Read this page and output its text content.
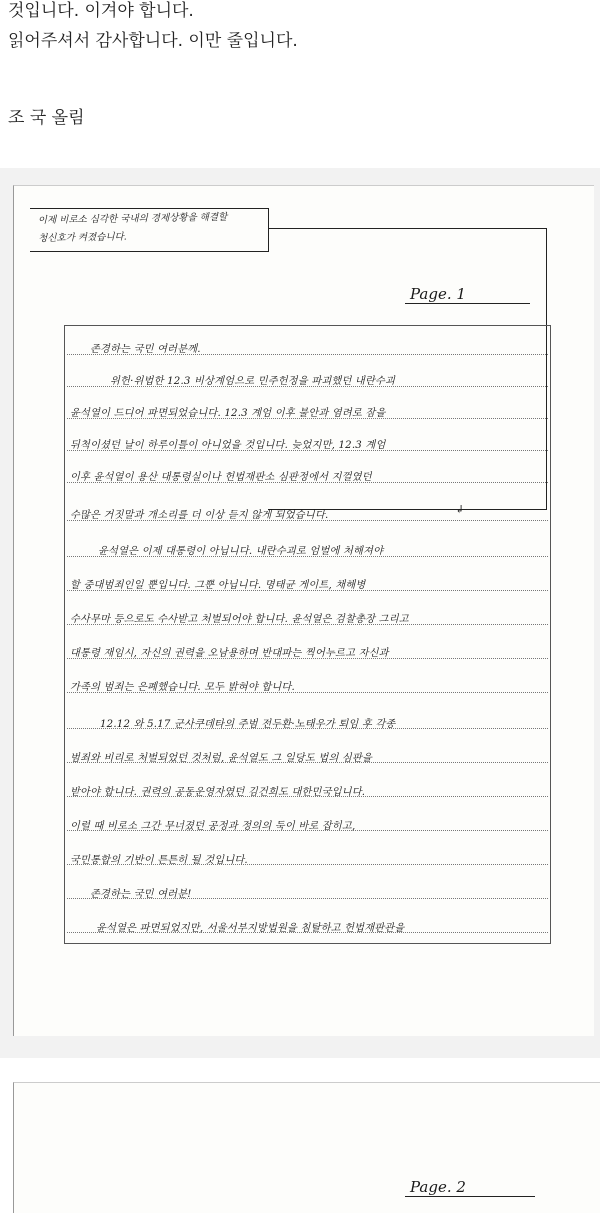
것입니다. 이겨야 합니다.

읽어주셔서 감사합니다. 이만 줄입니다.

조 국 올림
이제 비로소 심각한 국내의 경제상황을 해결할
청신호가 켜졌습니다.
Page. 1
존경하는 국민 여러분께.
위헌·위법한 12.3 비상계엄으로 민주헌정을 파괴했던 내란수괴
윤석열이 드디어 파면되었습니다. 12.3 계엄 이후 불안과 염려로 잠을
뒤척이셨던 날이 하루이틀이 아니었을 것입니다. 늦었지만, 12.3 계엄
이후 윤석열이 용산 대통령실이나 헌법재판소 심판정에서 지껄였던
수많은 거짓말과 개소리를 더 이상 듣지 않게 되었습니다.	↲
윤석열은 이제 대통령이 아닙니다. 내란수괴로 엄벌에 처해져야
할 중대범죄인일 뿐입니다. 그뿐 아닙니다. 명태균 게이트, 채해병
수사무마 등으로도 수사받고 처벌되어야 합니다. 윤석열은 검찰총장 그리고
대통령 재임시, 자신의 권력을 오남용하며 반대파는 찍어누르고 자신과
가족의 범죄는 은폐했습니다. 모두 밝혀야 합니다.
12.12 와 5.17 군사쿠데타의 주범 전두환·노태우가 퇴임 후 각종
범죄와 비리로 처벌되었던 것처럼, 윤석열도 그 일당도 법의 심판을
받아야 합니다. 권력의 공동운영자였던 김건희도 대한민국입니다.
이럴 때 비로소 그간 무너졌던 공정과 정의의 둑이 바로 잡히고,
국민통합의 기반이 튼튼히 될 것입니다.
존경하는 국민 여러분!
윤석열은 파면되었지만, 서울서부지방법원을 침탈하고 헌법재판관을
Page. 2
